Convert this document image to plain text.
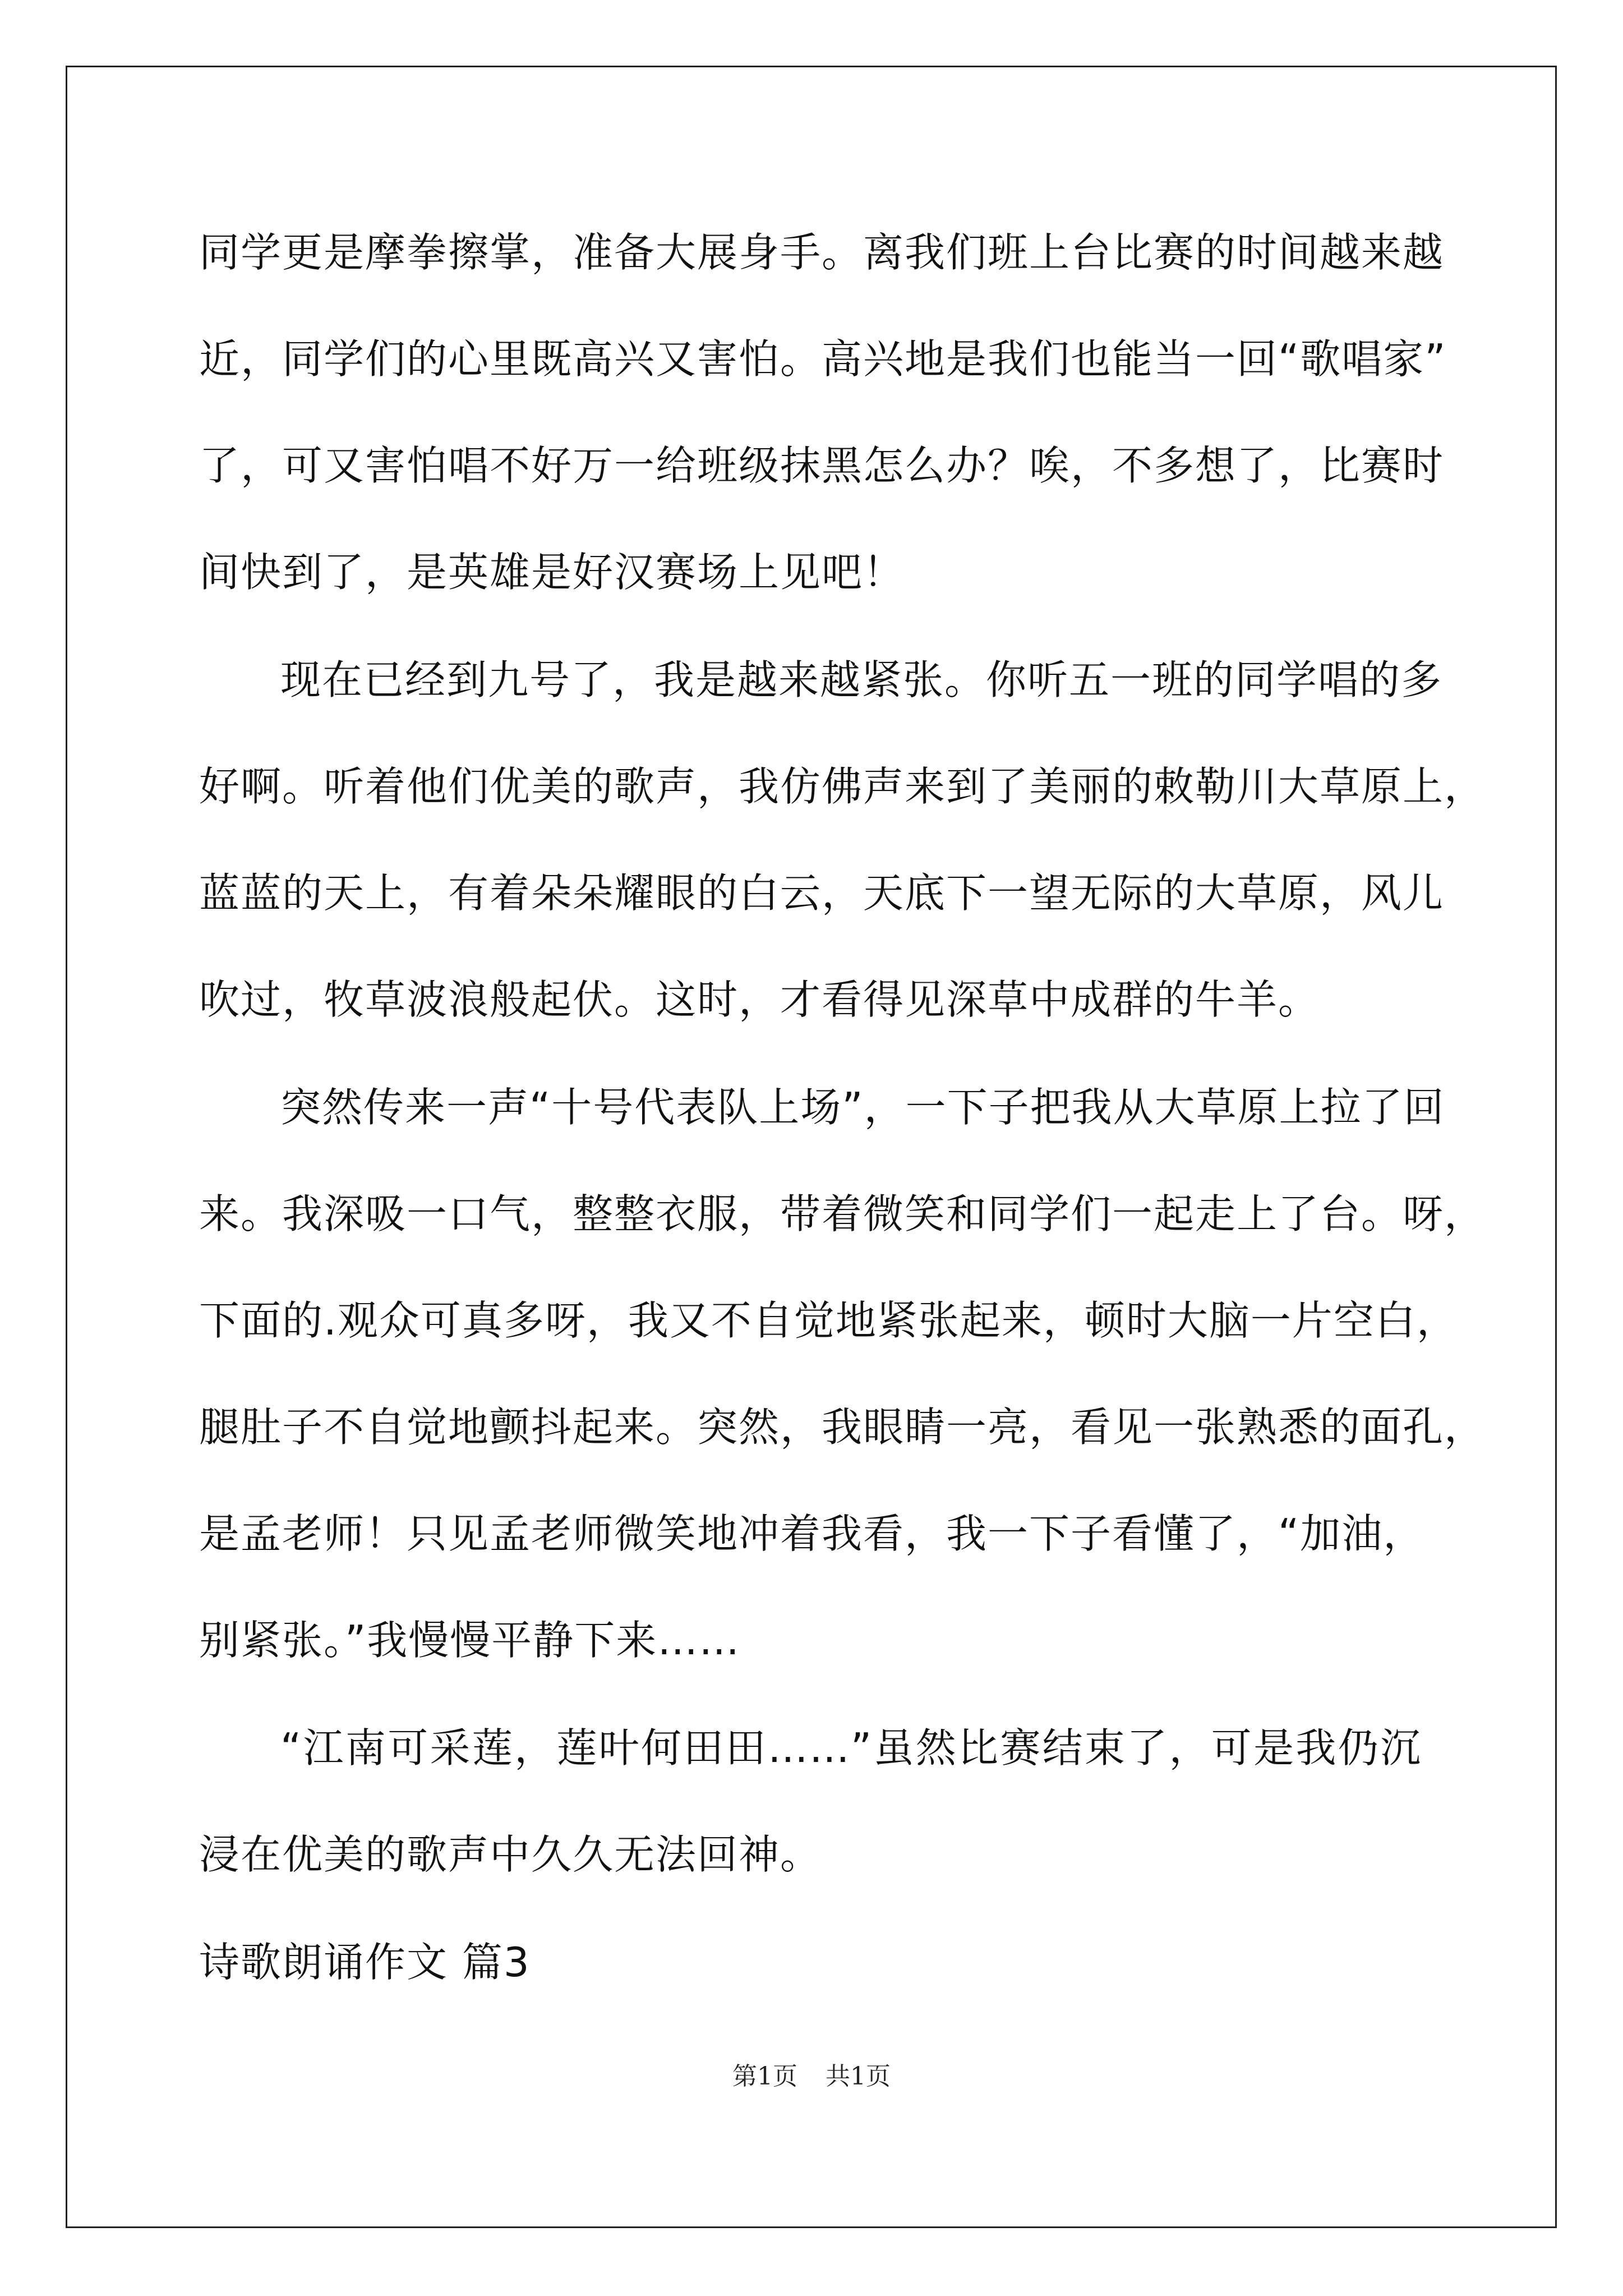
同学更是摩拳擦掌，准备大展身手。离我们班上台比赛的时间越来越
近，同学们的心里既高兴又害怕。高兴地是我们也能当一回“歌唱家”
了，可又害怕唱不好万一给班级抹黑怎么办？唉，不多想了，比赛时
间快到了，是英雄是好汉赛场上见吧！
现在已经到九号了，我是越来越紧张。你听五一班的同学唱的多
好啊。听着他们优美的歌声，我仿佛声来到了美丽的敕勒川大草原上，
蓝蓝的天上，有着朵朵耀眼的白云，天底下一望无际的大草原，风儿
吹过，牧草波浪般起伏。这时，才看得见深草中成群的牛羊。
突然传来一声“十号代表队上场”，一下子把我从大草原上拉了回
来。我深吸一口气，整整衣服，带着微笑和同学们一起走上了台。呀，
下面的.观众可真多呀，我又不自觉地紧张起来，顿时大脑一片空白，
腿肚子不自觉地颤抖起来。突然，我眼睛一亮，看见一张熟悉的面孔，
是孟老师！只见孟老师微笑地冲着我看，我一下子看懂了，“加油，
别紧张。”我慢慢平静下来……
“江南可采莲，莲叶何田田……”虽然比赛结束了，可是我仍沉
浸在优美的歌声中久久无法回神。
诗歌朗诵作文 篇3
第1页 共1页
